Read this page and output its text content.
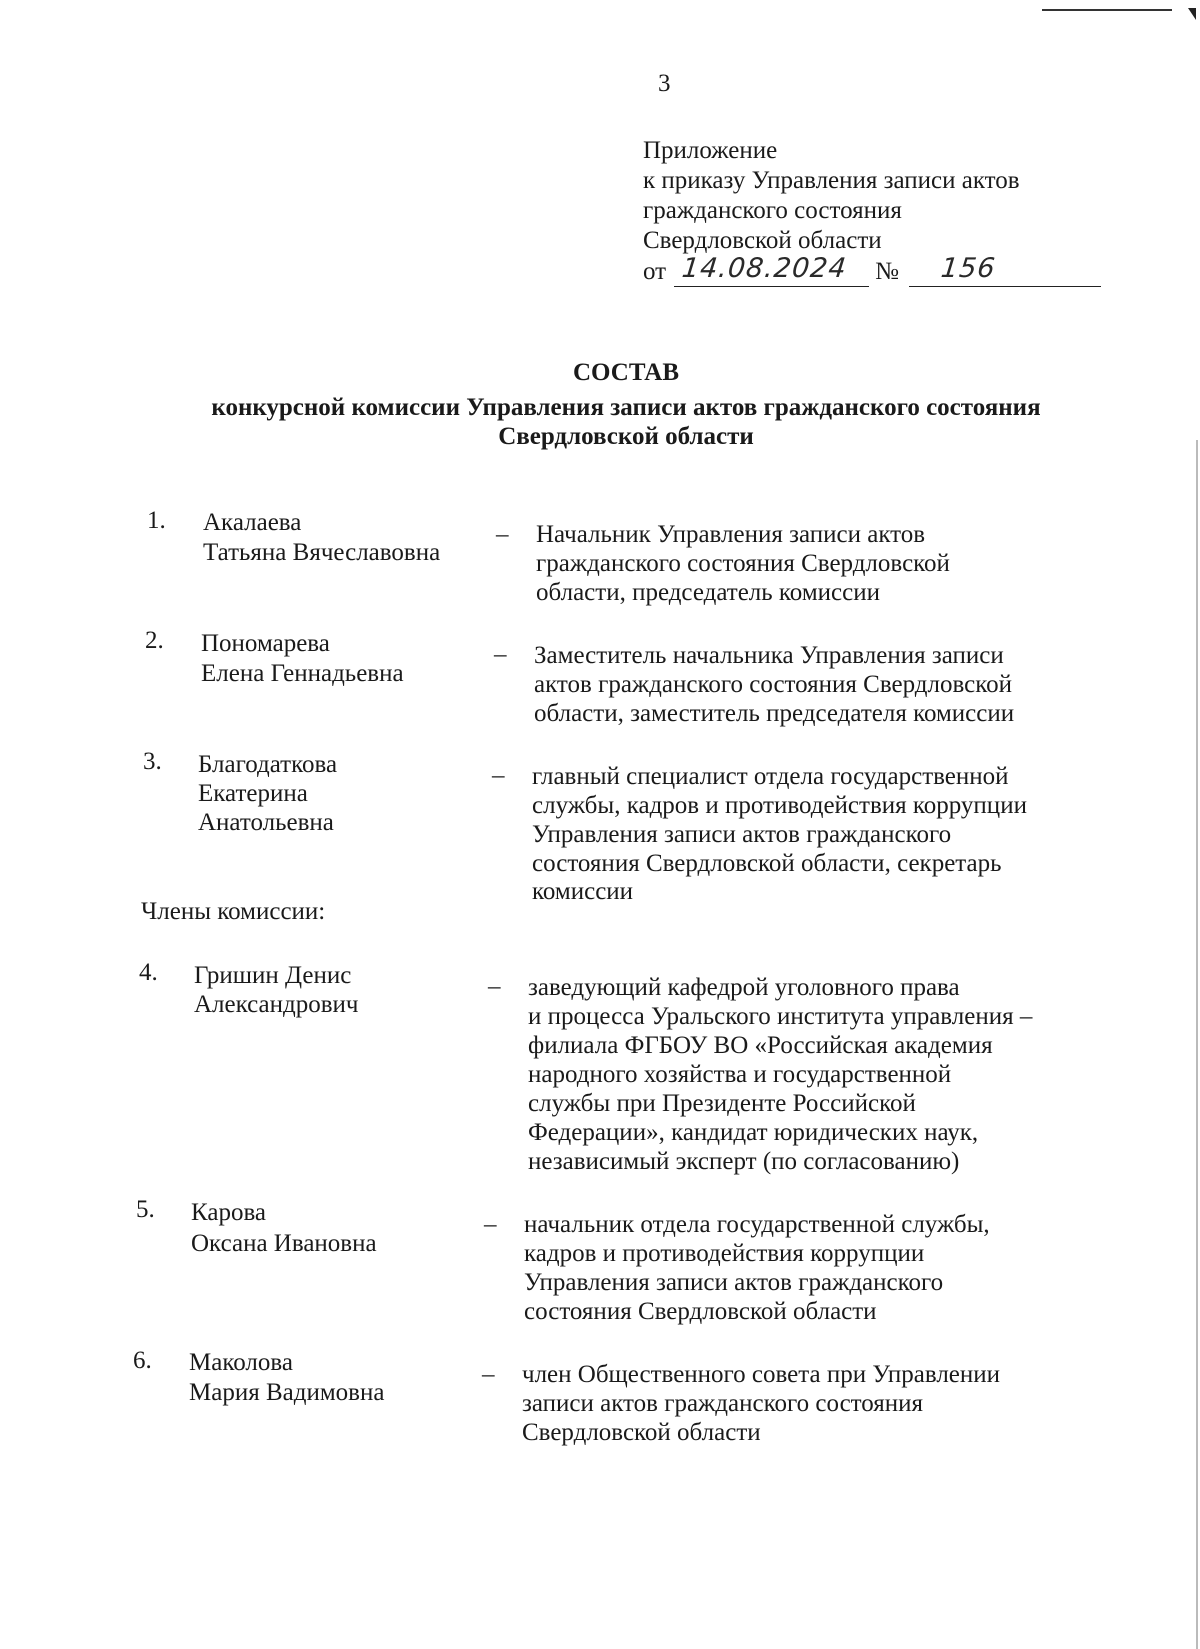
3
Приложение
к приказу Управления записи актов
гражданского состояния
Свердловской области
от 14.08.2024 № 156
СОСТАВ
конкурсной комиссии Управления записи актов гражданского состояния
Свердловской области
1. Акалаева
Татьяна Вячеславовна
– Начальник Управления записи актов
гражданского состояния Свердловской
области, председатель комиссии
2. Пономарева
Елена Геннадьевна
– Заместитель начальника Управления записи
актов гражданского состояния Свердловской
области, заместитель председателя комиссии
3. Благодаткова
Екатерина
Анатольевна
– главный специалист отдела государственной
службы, кадров и противодействия коррупции
Управления записи актов гражданского
состояния Свердловской области, секретарь
комиссии
Члены комиссии:
4. Гришин Денис
Александрович
– заведующий кафедрой уголовного права
и процесса Уральского института управления –
филиала ФГБОУ ВО «Российская академия
народного хозяйства и государственной
службы при Президенте Российской
Федерации», кандидат юридических наук,
независимый эксперт (по согласованию)
5. Карова
Оксана Ивановна
– начальник отдела государственной службы,
кадров и противодействия коррупции
Управления записи актов гражданского
состояния Свердловской области
6. Маколова
Мария Вадимовна
– член Общественного совета при Управлении
записи актов гражданского состояния
Свердловской области
